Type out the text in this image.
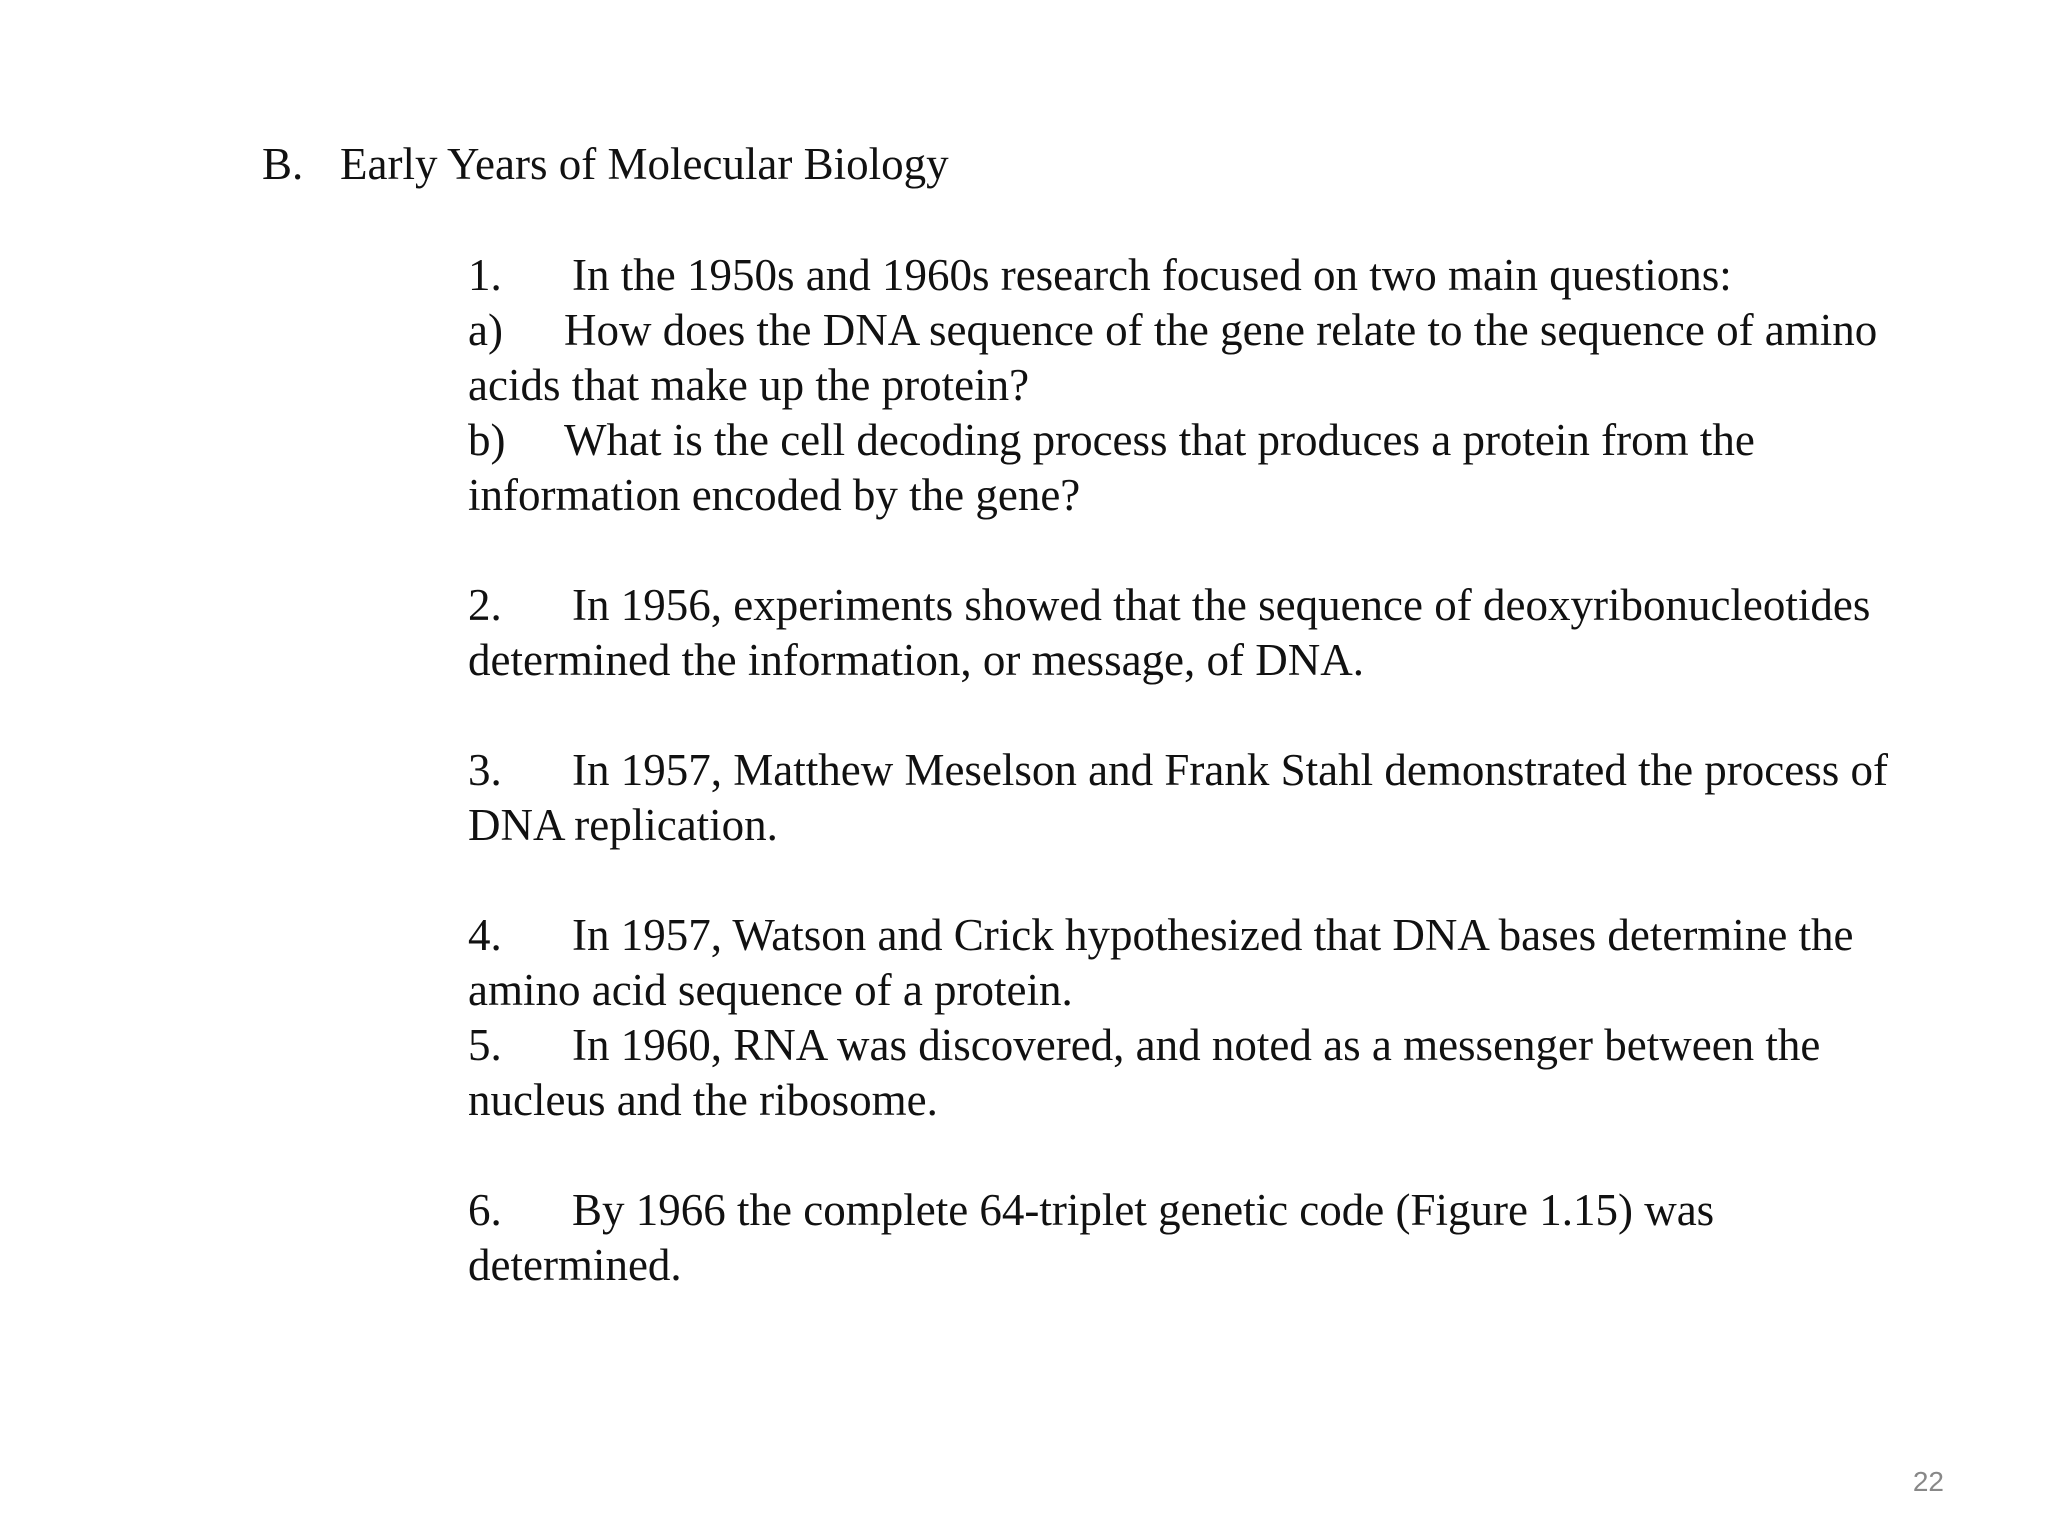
B. Early Years of Molecular Biology

1. In the 1950s and 1960s research focused on two main questions:

a) How does the DNA sequence of the gene relate to the sequence of amino acids that make up the protein?

b) What is the cell decoding process that produces a protein from the information encoded by the gene?

2. In 1956, experiments showed that the sequence of deoxyribonucleotides determined the information, or message, of DNA.

3. In 1957, Matthew Meselson and Frank Stahl demonstrated the process of DNA replication.

4. In 1957, Watson and Crick hypothesized that DNA bases determine the amino acid sequence of a protein.

5. In 1960, RNA was discovered, and noted as a messenger between the nucleus and the ribosome.

6. By 1966 the complete 64-triplet genetic code (Figure 1.15) was determined.

22
